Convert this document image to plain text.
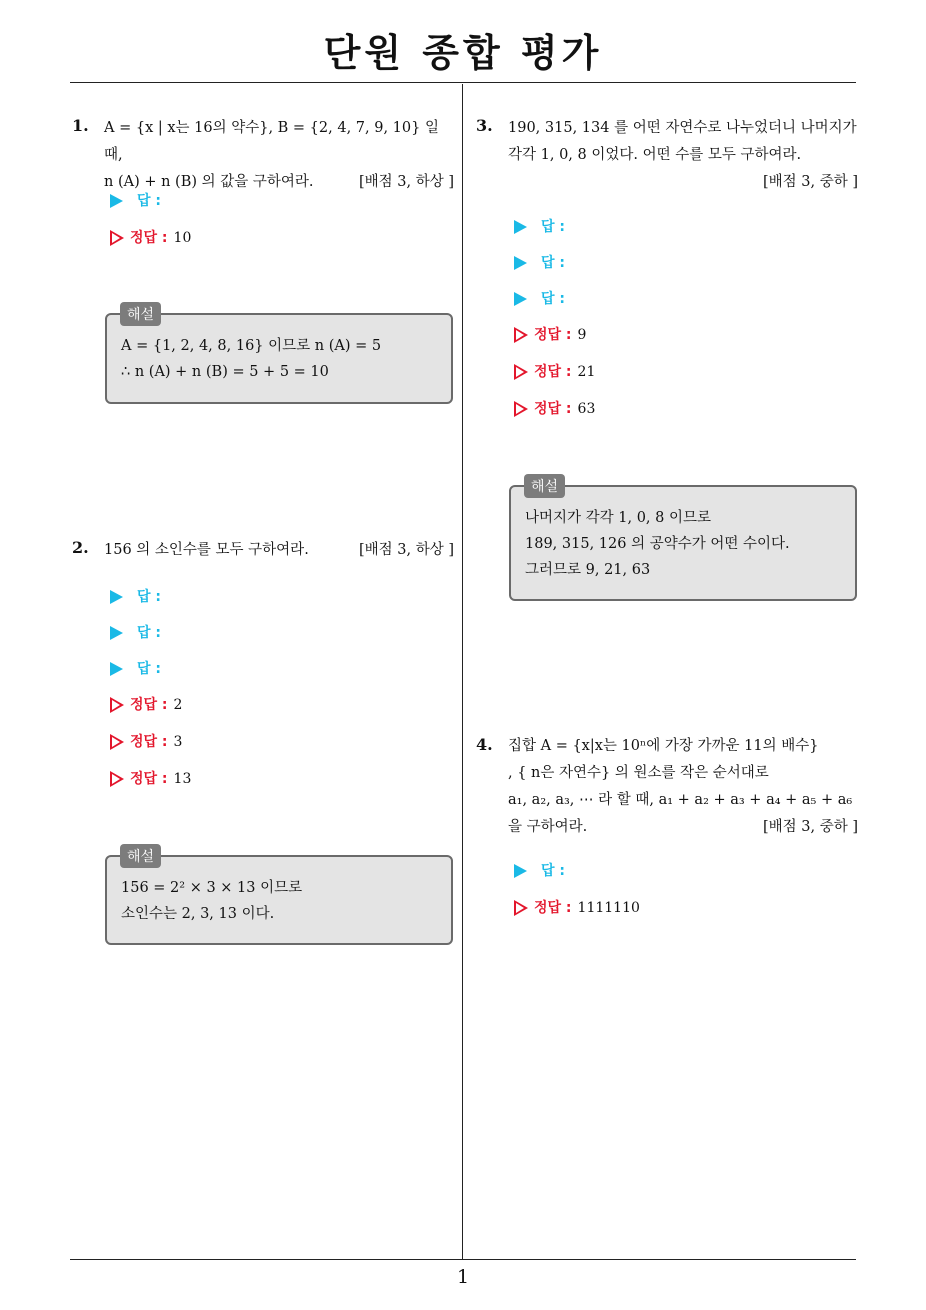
단원 종합 평가
1
1. A = {x | x는 16의 약수}, B = {2, 4, 7, 9, 10} 일 때,
n (A) + n (B) 의 값을 구하여라.	[배점 3, 하상 ]
답 :
정답 : 10
A = {1, 2, 4, 8, 16} 이므로 n (A) = 5
∴ n (A) + n (B) = 5 + 5 = 10
해설
2. 156 의 소인수를 모두 구하여라.	[배점 3, 하상 ]
답 :
답 :
답 :
정답 : 2
정답 : 3
정답 : 13
156 = 2² × 3 × 13 이므로
소인수는 2, 3, 13 이다.
해설
3. 190, 315, 134 를 어떤 자연수로 나누었더니 나머지가
각각 1, 0, 8 이었다. 어떤 수를 모두 구하여라.
[배점 3, 중하 ]
답 :
답 :
답 :
정답 : 9
정답 : 21
정답 : 63
나머지가 각각 1, 0, 8 이므로
189, 315, 126 의 공약수가 어떤 수이다.
그러므로 9, 21, 63
해설
4. 집합 A = {x|x는 10ⁿ에 가장 가까운 11의 배수}
, { n은 자연수} 의 원소를 작은 순서대로
a₁, a₂, a₃, ⋯ 라 할 때, a₁ + a₂ + a₃ + a₄ + a₅ + a₆
을 구하여라.	[배점 3, 중하 ]
답 :
정답 : 1111110
